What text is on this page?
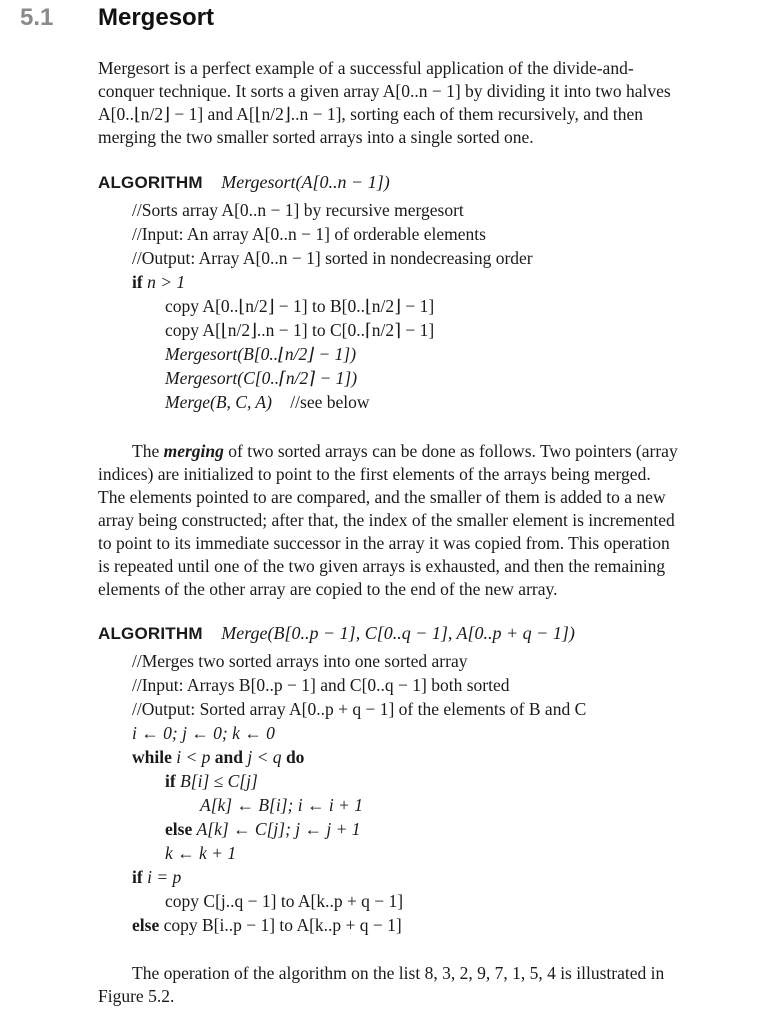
5.1 Mergesort
Mergesort is a perfect example of a successful application of the divide-and-
conquer technique. It sorts a given array A[0..n − 1] by dividing it into two halves
A[0..⌊n/2⌋ − 1] and A[⌊n/2⌋..n − 1], sorting each of them recursively, and then
merging the two smaller sorted arrays into a single sorted one.
ALGORITHM Mergesort(A[0..n − 1])
//Sorts array A[0..n − 1] by recursive mergesort
//Input: An array A[0..n − 1] of orderable elements
//Output: Array A[0..n − 1] sorted in nondecreasing order
if n > 1
copy A[0..⌊n/2⌋ − 1] to B[0..⌊n/2⌋ − 1]
copy A[⌊n/2⌋..n − 1] to C[0..⌈n/2⌉ − 1]
Mergesort(B[0..⌊n/2⌋ − 1])
Mergesort(C[0..⌈n/2⌉ − 1])
Merge(B, C, A) //see below
The merging of two sorted arrays can be done as follows. Two pointers (array
indices) are initialized to point to the first elements of the arrays being merged.
The elements pointed to are compared, and the smaller of them is added to a new
array being constructed; after that, the index of the smaller element is incremented
to point to its immediate successor in the array it was copied from. This operation
is repeated until one of the two given arrays is exhausted, and then the remaining
elements of the other array are copied to the end of the new array.
ALGORITHM Merge(B[0..p − 1], C[0..q − 1], A[0..p + q − 1])
//Merges two sorted arrays into one sorted array
//Input: Arrays B[0..p − 1] and C[0..q − 1] both sorted
//Output: Sorted array A[0..p + q − 1] of the elements of B and C
i ← 0; j ← 0; k ← 0
while i < p and j < q do
if B[i] ≤ C[j]
A[k] ← B[i]; i ← i + 1
else A[k] ← C[j]; j ← j + 1
k ← k + 1
if i = p
copy C[j..q − 1] to A[k..p + q − 1]
else copy B[i..p − 1] to A[k..p + q − 1]
The operation of the algorithm on the list 8, 3, 2, 9, 7, 1, 5, 4 is illustrated in
Figure 5.2.
